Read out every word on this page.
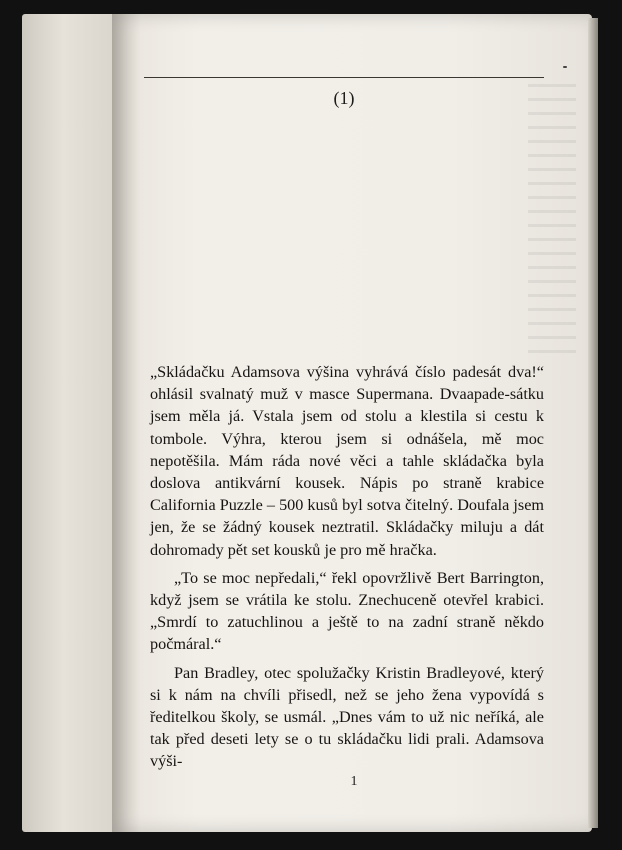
(1)

„Skládačku Adamsova výšina vyhrává číslo padesát dva!“ ohlásil svalnatý muž v masce Supermana. Dvaapade-sátku jsem měla já. Vstala jsem od stolu a klestila si cestu k tombole. Výhra, kterou jsem si odnášela, mě moc nepotěšila. Mám ráda nové věci a tahle skládačka byla doslova antikvární kousek. Nápis po straně krabice California Puzzle – 500 kusů byl sotva čitelný. Doufala jsem jen, že se žádný kousek neztratil. Skládačky miluju a dát dohromady pět set kousků je pro mě hračka.

„To se moc nepředali,“ řekl opovržlivě Bert Barrington, když jsem se vrátila ke stolu. Znechuceně otevřel krabici. „Smrdí to zatuchlinou a ještě to na zadní straně někdo počmáral.“

Pan Bradley, otec spolužačky Kristin Bradleyové, který si k nám na chvíli přisedl, než se jeho žena vypovídá s ředitelkou školy, se usmál. „Dnes vám to už nic neříká, ale tak před deseti lety se o tu skládačku lidi prali. Adamsova výši-

1
